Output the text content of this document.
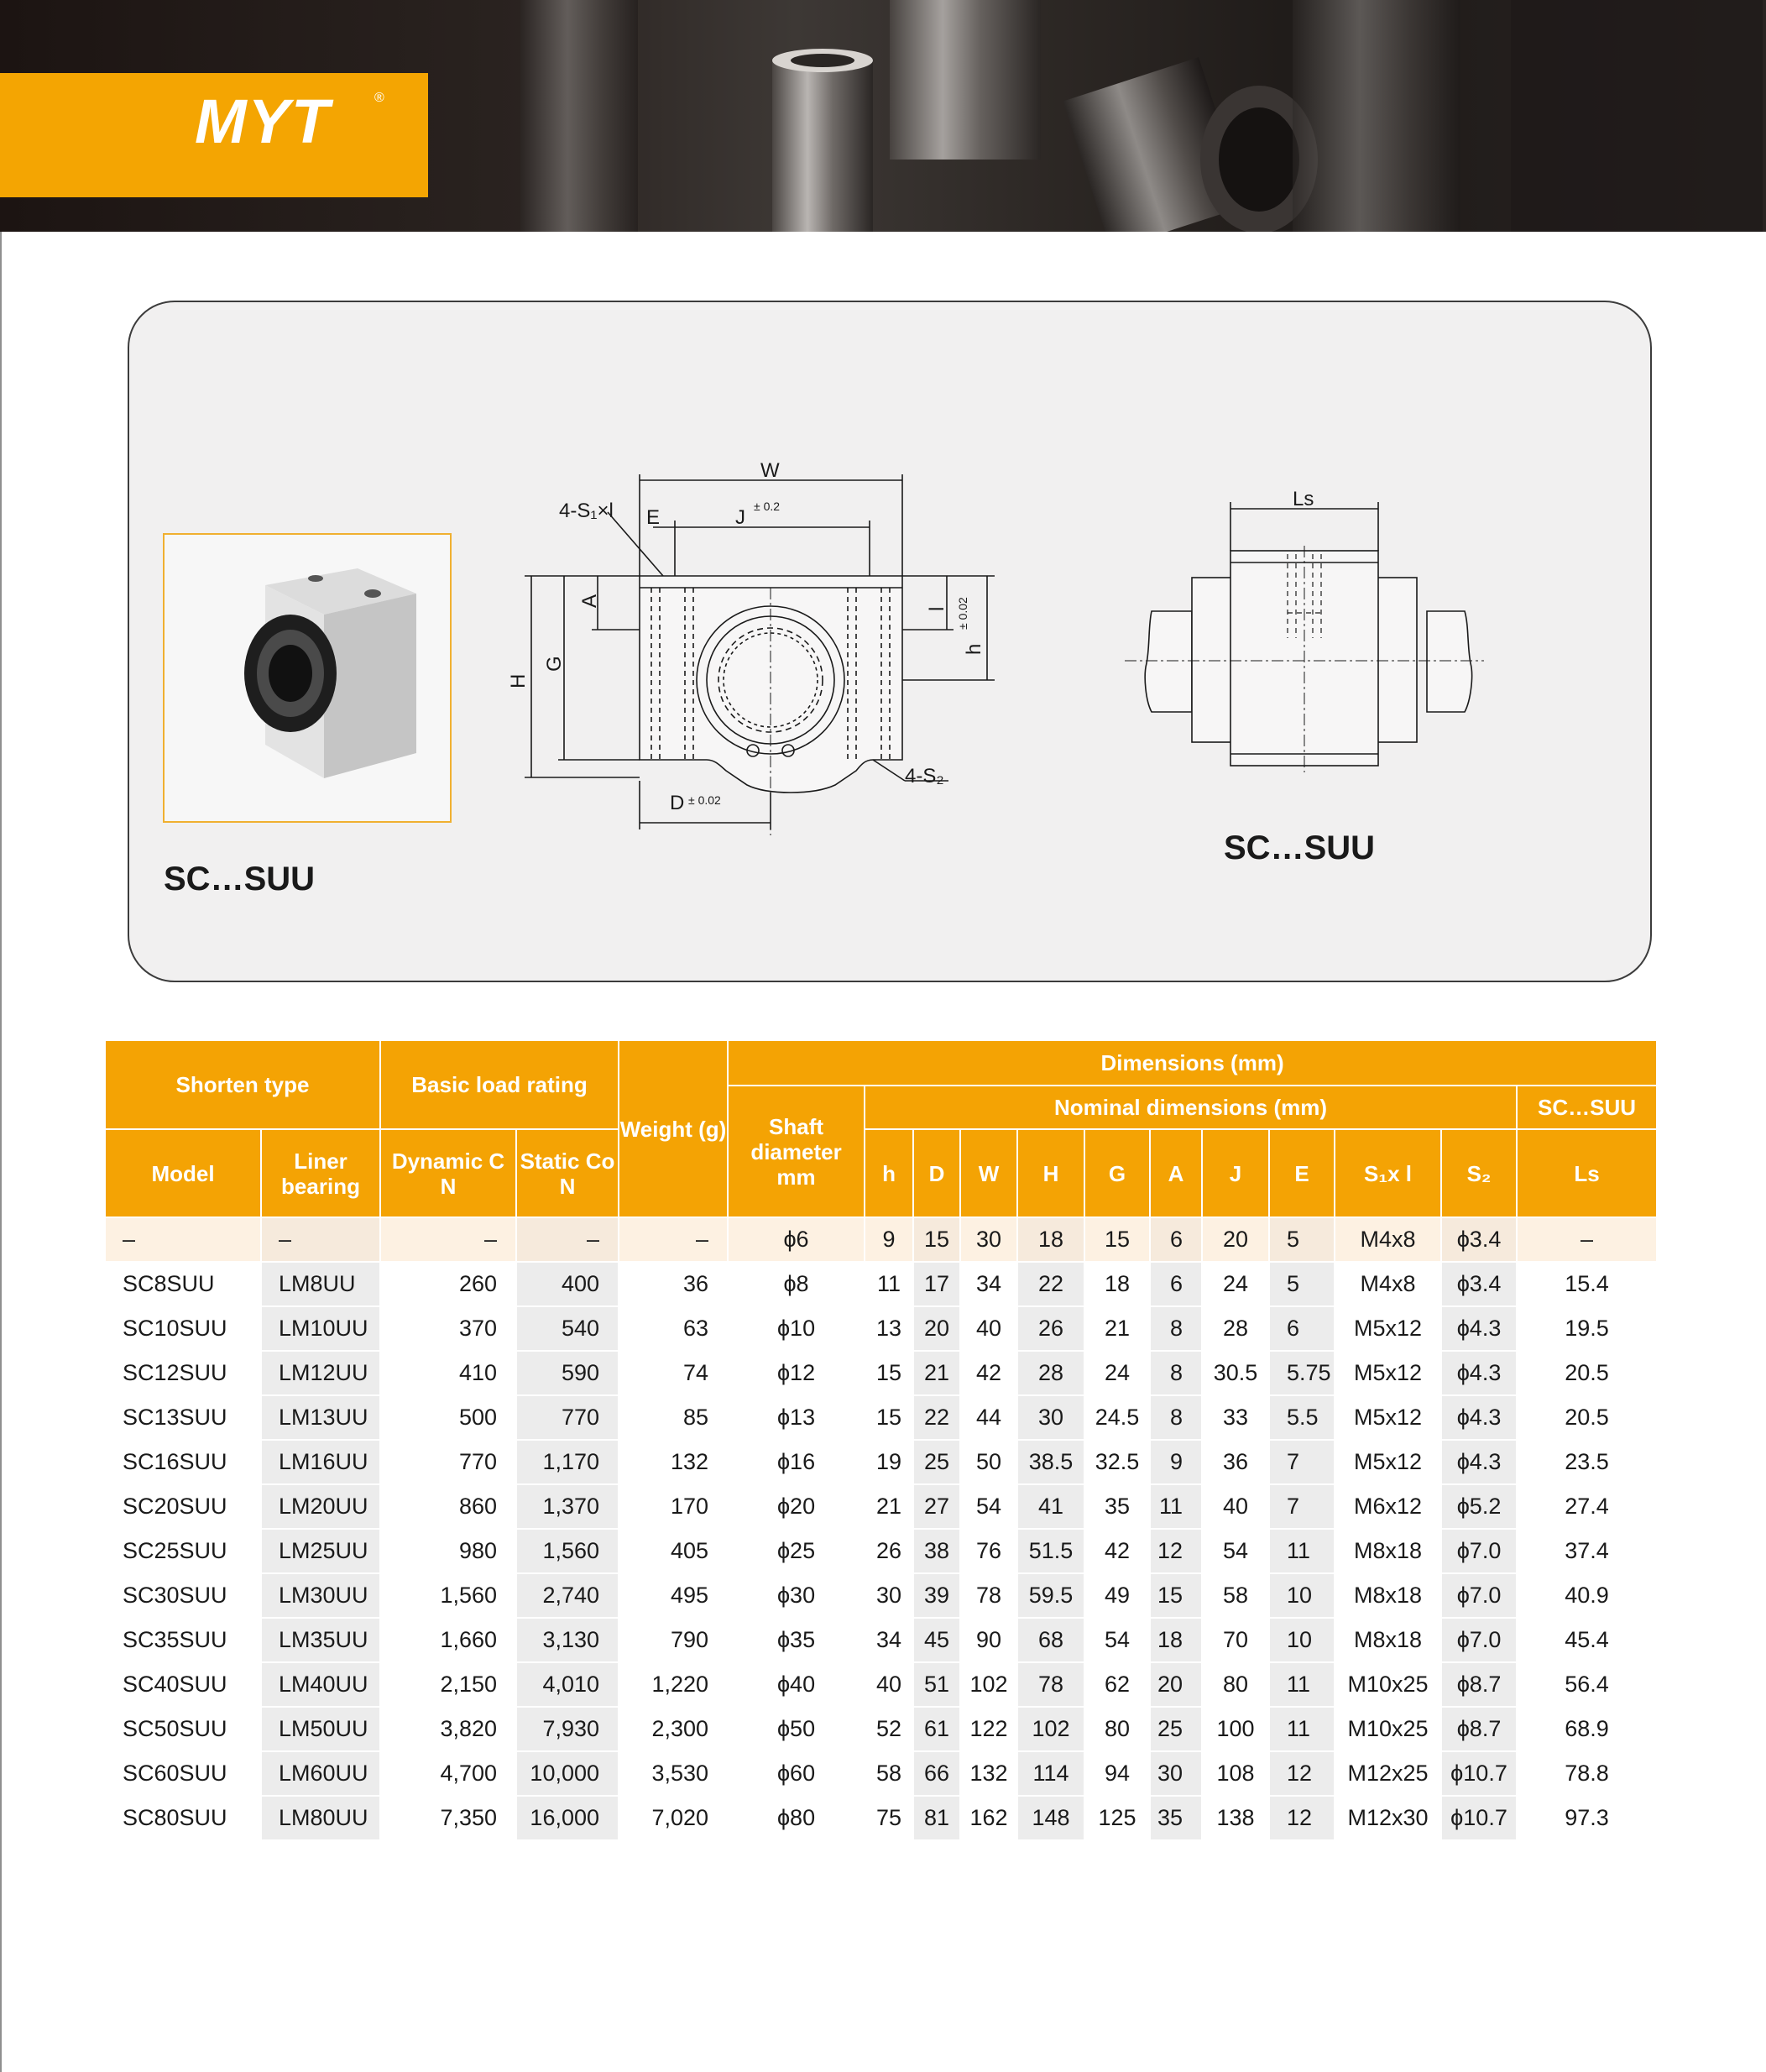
MYT	®
SC…SUU
SC…SUU
W
J ± 0.2
E
4-S₁×l
A
H
G
l
h
± 0.02
D ± 0.02
4-S₂
Ls
Shorten type		Basic load rating		Weight (g)	Dimensions (mm)											
					Shaft diameter
mm	Nominal dimensions (mm)										SC…SUU
Model	Liner bearing	Dynamic C N	Static Co N			h	D	W	H	G	A	J	E	S₁x l	S₂	Ls
–	–	–	–	–	ϕ6	9	15	30	18	15	6	20	5	M4x8	ϕ3.4	–
SC8SUU	LM8UU	260	400	36	ϕ8	11	17	34	22	18	6	24	5	M4x8	ϕ3.4	15.4
SC10SUU	LM10UU	370	540	63	ϕ10	13	20	40	26	21	8	28	6	M5x12	ϕ4.3	19.5
SC12SUU	LM12UU	410	590	74	ϕ12	15	21	42	28	24	8	30.5	5.75	M5x12	ϕ4.3	20.5
SC13SUU	LM13UU	500	770	85	ϕ13	15	22	44	30	24.5	8	33	5.5	M5x12	ϕ4.3	20.5
SC16SUU	LM16UU	770	1,170	132	ϕ16	19	25	50	38.5	32.5	9	36	7	M5x12	ϕ4.3	23.5
SC20SUU	LM20UU	860	1,370	170	ϕ20	21	27	54	41	35	11	40	7	M6x12	ϕ5.2	27.4
SC25SUU	LM25UU	980	1,560	405	ϕ25	26	38	76	51.5	42	12	54	11	M8x18	ϕ7.0	37.4
SC30SUU	LM30UU	1,560	2,740	495	ϕ30	30	39	78	59.5	49	15	58	10	M8x18	ϕ7.0	40.9
SC35SUU	LM35UU	1,660	3,130	790	ϕ35	34	45	90	68	54	18	70	10	M8x18	ϕ7.0	45.4
SC40SUU	LM40UU	2,150	4,010	1,220	ϕ40	40	51	102	78	62	20	80	11	M10x25	ϕ8.7	56.4
SC50SUU	LM50UU	3,820	7,930	2,300	ϕ50	52	61	122	102	80	25	100	11	M10x25	ϕ8.7	68.9
SC60SUU	LM60UU	4,700	10,000	3,530	ϕ60	58	66	132	114	94	30	108	12	M12x25	ϕ10.7	78.8
SC80SUU	LM80UU	7,350	16,000	7,020	ϕ80	75	81	162	148	125	35	138	12	M12x30	ϕ10.7	97.3
